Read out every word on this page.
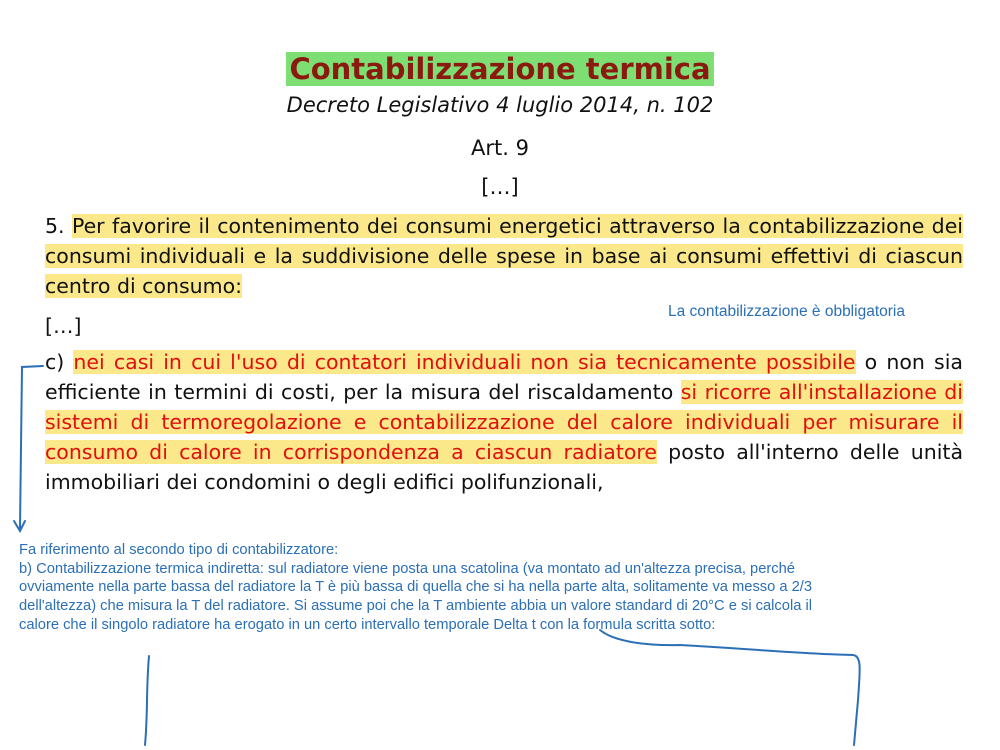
Contabilizzazione termica
Decreto Legislativo 4 luglio 2014, n. 102
Art. 9
[…]
5. Per favorire il contenimento dei consumi energetici attraverso la contabilizzazione dei consumi individuali e la suddivisione delle spese in base ai consumi effettivi di ciascun centro di consumo:
[…]
c) nei casi in cui l'uso di contatori individuali non sia tecnicamente possibile o non sia efficiente in termini di costi, per la misura del riscaldamento si ricorre all'installazione di sistemi di termoregolazione e contabilizzazione del calore individuali per misurare il consumo di calore in corrispondenza a ciascun radiatore posto all'interno delle unità immobiliari dei condomini o degli edifici polifunzionali,
La contabilizzazione è obbligatoria
Fa riferimento al secondo tipo di contabilizzatore:
b) Contabilizzazione termica indiretta: sul radiatore viene posta una scatolina (va montato ad un'altezza precisa, perché
ovviamente nella parte bassa del radiatore la T è più bassa di quella che si ha nella parte alta, solitamente va messo a 2/3
dell'altezza) che misura la T del radiatore. Si assume poi che la T ambiente abbia un valore standard di 20°C e si calcola il
calore che il singolo radiatore ha erogato in un certo intervallo temporale Delta t con la formula scritta sotto:
